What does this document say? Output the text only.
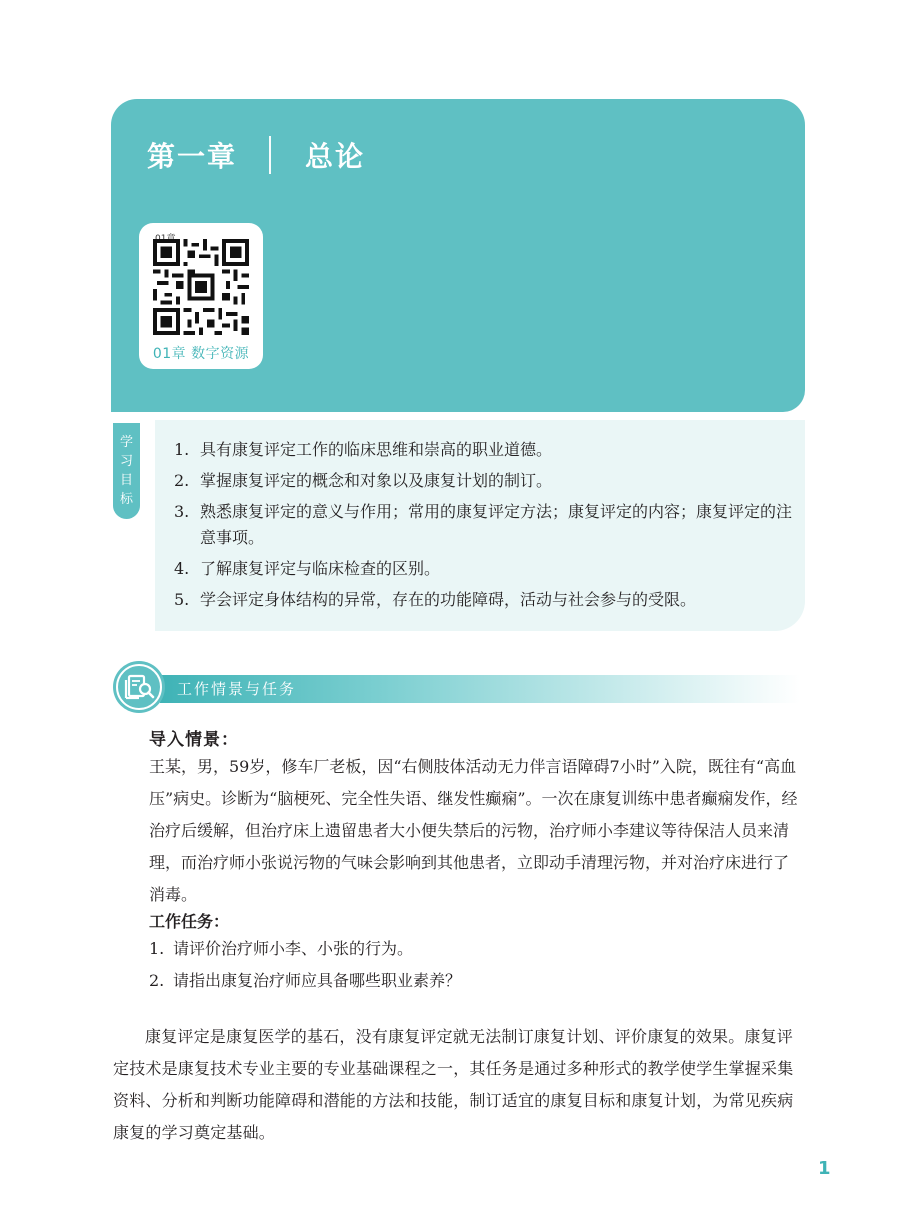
第一章 总论
01章 数字资源
学
习
目
标
1. 具有康复评定工作的临床思维和崇高的职业道德。
2. 掌握康复评定的概念和对象以及康复计划的制订。
3. 熟悉康复评定的意义与作用；常用的康复评定方法；康复评定的内容；康复评定的注意事项。
4. 了解康复评定与临床检查的区别。
5. 学会评定身体结构的异常，存在的功能障碍，活动与社会参与的受限。
工作情景与任务
导入情景：
王某，男，59岁，修车厂老板，因“右侧肢体活动无力伴言语障碍7小时”入院，既往有“高血压”病史。诊断为“脑梗死、完全性失语、继发性癫痫”。一次在康复训练中患者癫痫发作，经治疗后缓解，但治疗床上遗留患者大小便失禁后的污物，治疗师小李建议等待保洁人员来清理，而治疗师小张说污物的气味会影响到其他患者，立即动手清理污物，并对治疗床进行了消毒。
工作任务：
1. 请评价治疗师小李、小张的行为。
2. 请指出康复治疗师应具备哪些职业素养？

康复评定是康复医学的基石，没有康复评定就无法制订康复计划、评价康复的效果。康复评定技术是康复技术专业主要的专业基础课程之一，其任务是通过多种形式的教学使学生掌握采集资料、分析和判断功能障碍和潜能的方法和技能，制订适宜的康复目标和康复计划，为常见疾病康复的学习奠定基础。

1
